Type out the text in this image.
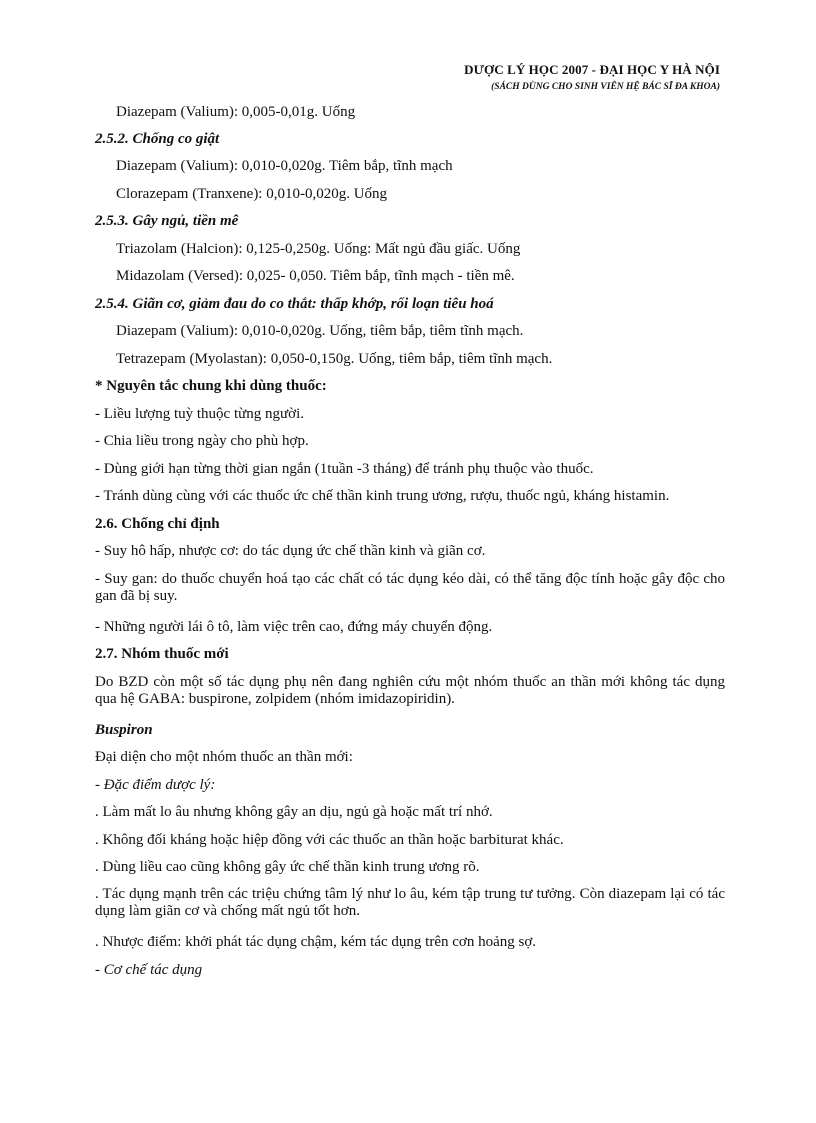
DƯỢC LÝ HỌC 2007 - ĐẠI HỌC Y HÀ NỘI
(SÁCH DÙNG CHO SINH VIÊN HỆ BÁC SĨ ĐA KHOA)
Diazepam (Valium): 0,005-0,01g. Uống
2.5.2. Chống co giật
Diazepam (Valium): 0,010-0,020g. Tiêm bắp, tĩnh mạch
Clorazepam (Tranxene): 0,010-0,020g. Uống
2.5.3. Gây ngủ, tiền mê
Triazolam (Halcion): 0,125-0,250g. Uống: Mất ngủ đầu giấc. Uống
Midazolam (Versed): 0,025- 0,050. Tiêm bắp, tĩnh mạch - tiền mê.
2.5.4. Giãn cơ, giảm đau do co thắt: thấp khớp, rối loạn tiêu hoá
Diazepam (Valium): 0,010-0,020g. Uống, tiêm bắp, tiêm tĩnh mạch.
Tetrazepam (Myolastan): 0,050-0,150g. Uống, tiêm bắp, tiêm tĩnh mạch.
* Nguyên tắc chung khi dùng thuốc:
- Liều lượng tuỳ thuộc từng người.
- Chia liều trong ngày cho phù hợp.
- Dùng giới hạn từng thời gian ngắn (1tuần -3 tháng) để tránh phụ thuộc vào thuốc.
- Tránh dùng cùng với các thuốc ức chế thần kinh trung ương, rượu, thuốc ngủ, kháng histamin.
2.6. Chống chỉ định
- Suy hô hấp, nhược cơ: do tác dụng ức chế thần kinh và giãn cơ.
- Suy gan: do thuốc chuyển hoá tạo các chất có tác dụng kéo dài, có thể tăng độc tính hoặc gây độc cho gan đã bị suy.
- Những người lái ô tô, làm việc trên cao, đứng máy chuyển động.
2.7. Nhóm thuốc mới
Do BZD còn một số tác dụng phụ nên đang nghiên cứu một nhóm thuốc an thần mới không tác dụng qua hệ GABA: buspirone, zolpidem (nhóm imidazopiridin).
Buspiron
Đại diện cho một nhóm thuốc an thần mới:
- Đặc điểm dược lý:
. Làm mất lo âu nhưng không gây an dịu, ngủ gà hoặc mất trí nhớ.
. Không đối kháng hoặc hiệp đồng với các thuốc an thần hoặc barbiturat khác.
. Dùng liều cao cũng không gây ức chế thần kinh trung ương rõ.
. Tác dụng mạnh trên các triệu chứng tâm lý như lo âu, kém tập trung tư tưởng. Còn diazepam lại có tác dụng làm giãn cơ và chống mất ngủ tốt hơn.
. Nhược điểm: khởi phát tác dụng chậm, kém tác dụng trên cơn hoảng sợ.
- Cơ chế tác dụng
